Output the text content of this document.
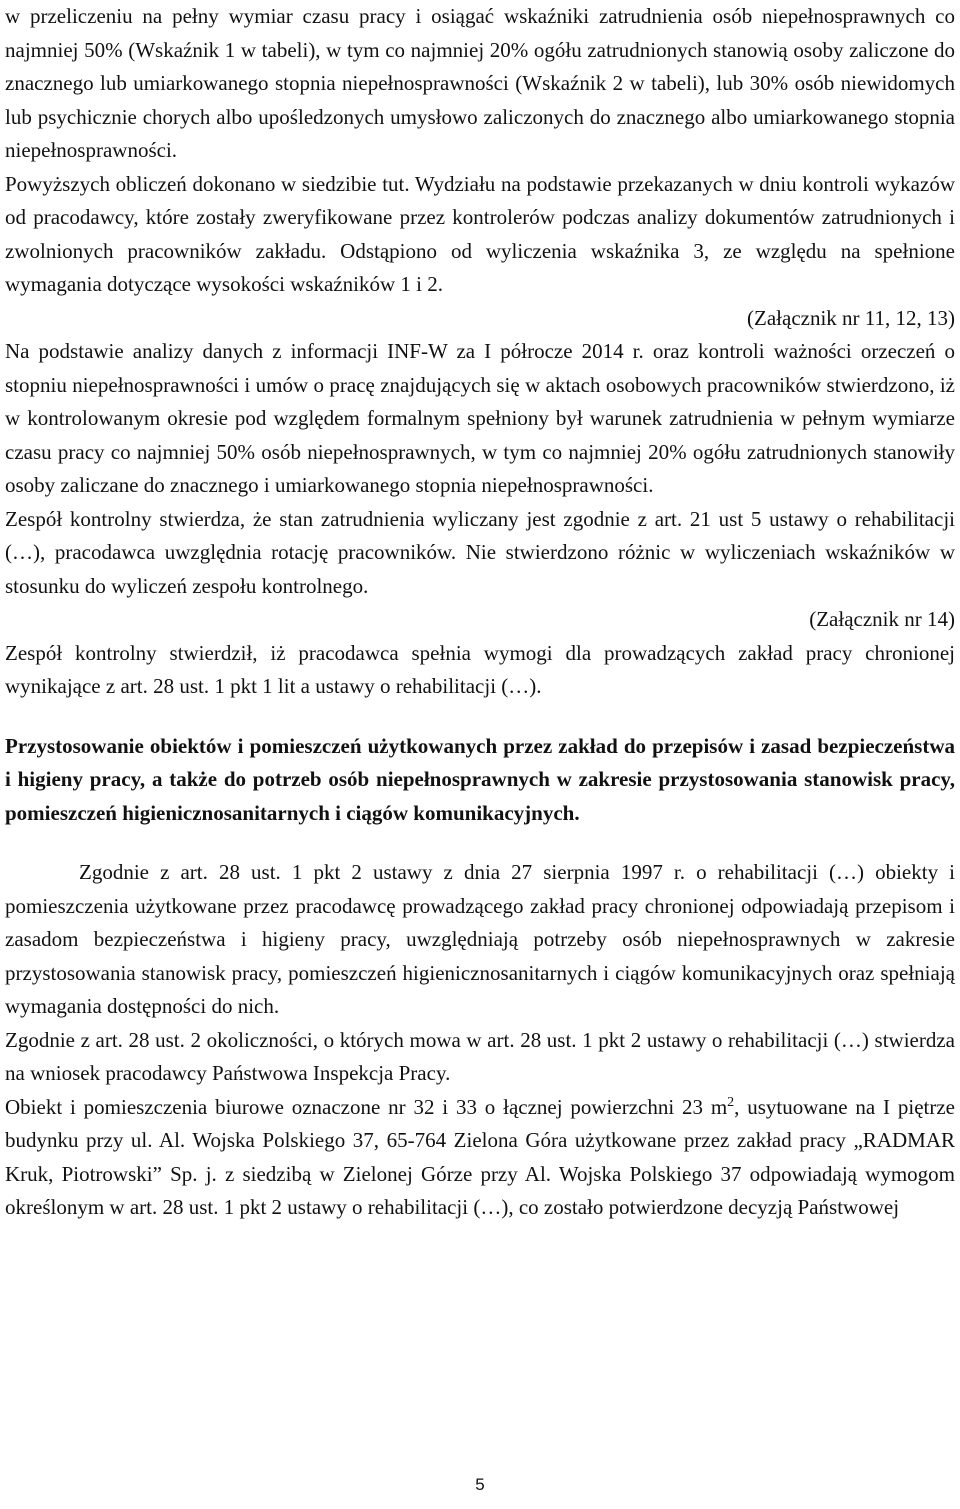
w przeliczeniu na pełny wymiar czasu pracy i osiągać wskaźniki zatrudnienia osób niepełnosprawnych co najmniej 50% (Wskaźnik 1 w tabeli), w tym co najmniej 20% ogółu zatrudnionych stanowią osoby zaliczone do znacznego lub umiarkowanego stopnia niepełnosprawności (Wskaźnik 2 w tabeli), lub 30% osób niewidomych lub psychicznie chorych albo upośledzonych umysłowo zaliczonych do znacznego albo umiarkowanego stopnia niepełnosprawności.

Powyższych obliczeń dokonano w siedzibie tut. Wydziału na podstawie przekazanych w dniu kontroli wykazów od pracodawcy, które zostały zweryfikowane przez kontrolerów podczas analizy dokumentów zatrudnionych i zwolnionych pracowników zakładu. Odstąpiono od wyliczenia wskaźnika 3, ze względu na spełnione wymagania dotyczące wysokości wskaźników 1 i 2.

(Załącznik nr 11, 12, 13)

Na podstawie analizy danych z informacji INF-W za I półrocze 2014 r. oraz kontroli ważności orzeczeń o stopniu niepełnosprawności i umów o pracę znajdujących się w aktach osobowych pracowników stwierdzono, iż w kontrolowanym okresie pod względem formalnym spełniony był warunek zatrudnienia w pełnym wymiarze czasu pracy co najmniej 50% osób niepełnosprawnych, w tym co najmniej 20% ogółu zatrudnionych stanowiły osoby zaliczane do znacznego i umiarkowanego stopnia niepełnosprawności.

Zespół kontrolny stwierdza, że stan zatrudnienia wyliczany jest zgodnie z art. 21 ust 5 ustawy o rehabilitacji (…), pracodawca uwzględnia rotację pracowników. Nie stwierdzono różnic w wyliczeniach wskaźników w stosunku do wyliczeń zespołu kontrolnego.

(Załącznik nr 14)

Zespół kontrolny stwierdził, iż pracodawca spełnia wymogi dla prowadzących zakład pracy chronionej wynikające z art. 28 ust. 1 pkt 1 lit a ustawy o rehabilitacji (…).

Przystosowanie obiektów i pomieszczeń użytkowanych przez zakład do przepisów i zasad bezpieczeństwa i higieny pracy, a także do potrzeb osób niepełnosprawnych w zakresie przystosowania stanowisk pracy, pomieszczeń higienicznosanitarnych i ciągów komunikacyjnych.

Zgodnie z art. 28 ust. 1 pkt 2 ustawy z dnia 27 sierpnia 1997 r. o rehabilitacji (…) obiekty i pomieszczenia użytkowane przez pracodawcę prowadzącego zakład pracy chronionej odpowiadają przepisom i zasadom bezpieczeństwa i higieny pracy, uwzględniają potrzeby osób niepełnosprawnych w zakresie przystosowania stanowisk pracy, pomieszczeń higienicznosanitarnych i ciągów komunikacyjnych oraz spełniają wymagania dostępności do nich.

Zgodnie z art. 28 ust. 2 okoliczności, o których mowa w art. 28 ust. 1 pkt 2 ustawy o rehabilitacji (…) stwierdza na wniosek pracodawcy Państwowa Inspekcja Pracy.

Obiekt i pomieszczenia biurowe oznaczone nr 32 i 33 o łącznej powierzchni 23 $m^2$, usytuowane na I piętrze budynku przy ul. Al. Wojska Polskiego 37, 65-764 Zielona Góra użytkowane przez zakład pracy „RADMAR Kruk, Piotrowski” Sp. j. z siedzibą w Zielonej Górze przy Al. Wojska Polskiego 37 odpowiadają wymogom określonym w art. 28 ust. 1 pkt 2 ustawy o rehabilitacji (…), co zostało potwierdzone decyzją Państwowej

5
